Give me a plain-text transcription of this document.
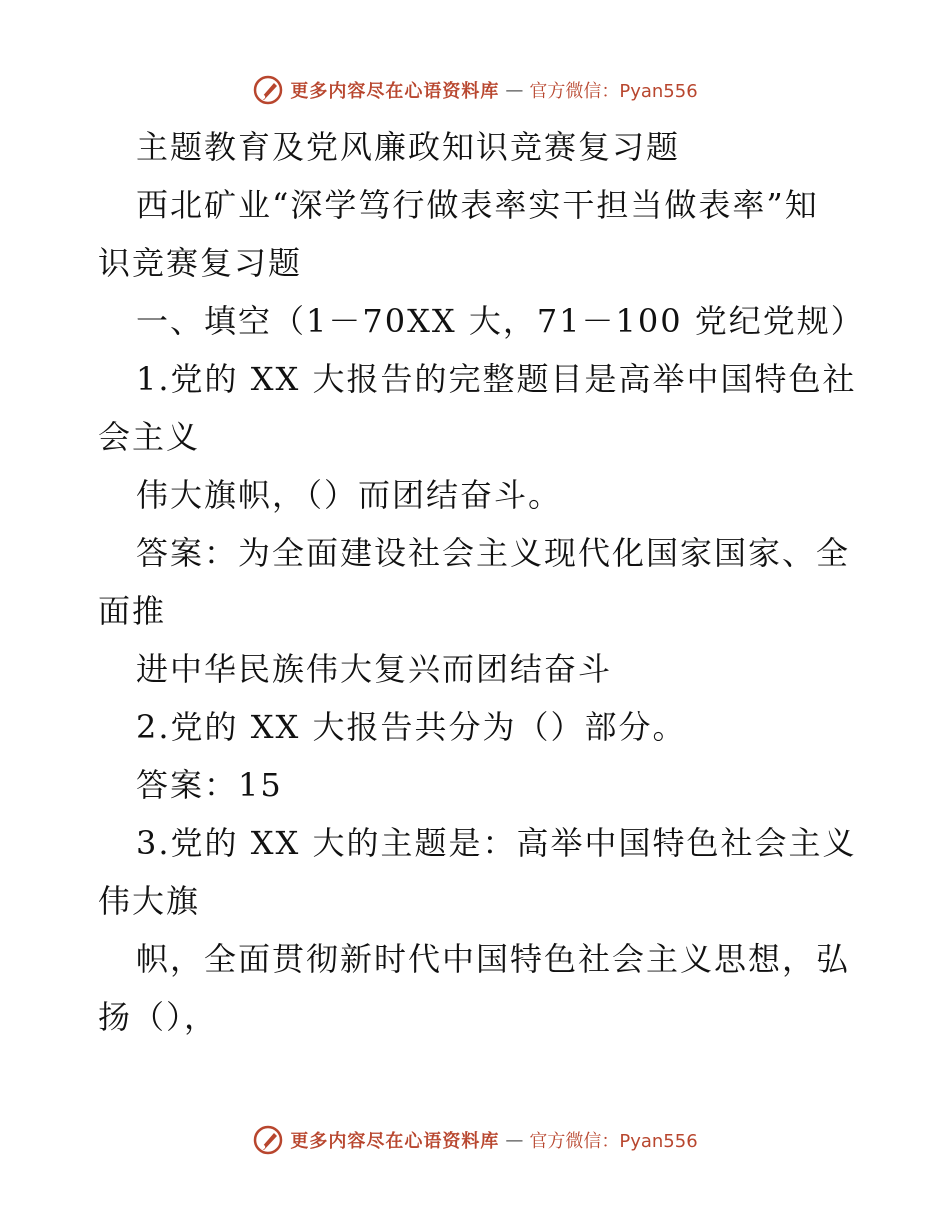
更多内容尽在心语资料库 — 官方微信：Pyan556
主题教育及党风廉政知识竞赛复习题
西北矿业“深学笃行做表率实干担当做表率”知
识竞赛复习题
一、填空（1－70XX 大，71－100 党纪党规）
1.党的 XX 大报告的完整题目是高举中国特色社
会主义
伟大旗帜，（）而团结奋斗。
答案：为全面建设社会主义现代化国家国家、全
面推
进中华民族伟大复兴而团结奋斗
2.党的 XX 大报告共分为（）部分。
答案：15
3.党的 XX 大的主题是：高举中国特色社会主义
伟大旗
帜，全面贯彻新时代中国特色社会主义思想，弘
扬（），
更多内容尽在心语资料库 — 官方微信：Pyan556
